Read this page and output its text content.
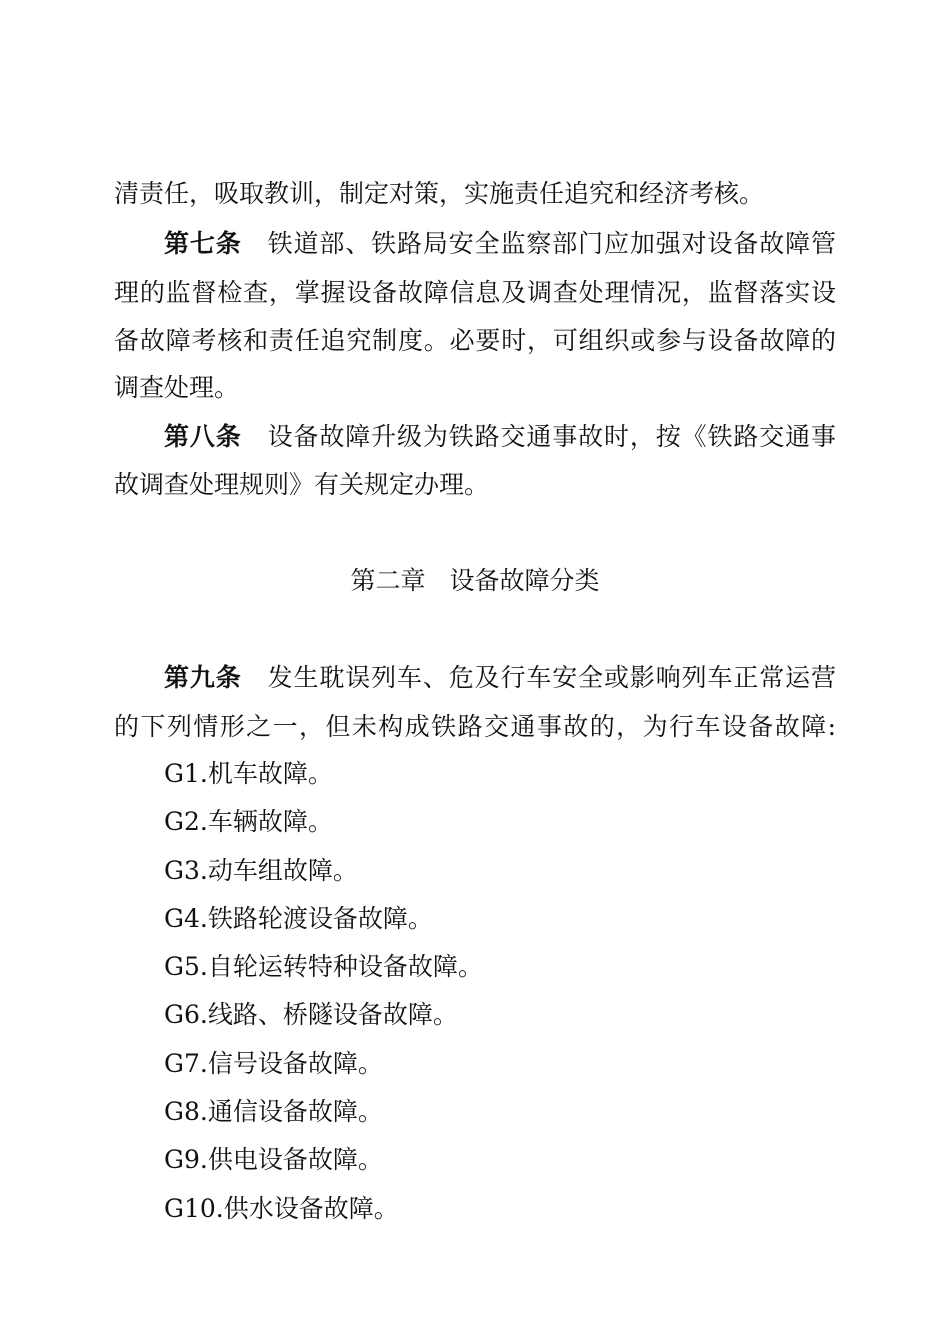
清责任，吸取教训，制定对策，实施责任追究和经济考核。
第七条 铁道部、铁路局安全监察部门应加强对设备故障管
理的监督检查，掌握设备故障信息及调查处理情况，监督落实设
备故障考核和责任追究制度。必要时，可组织或参与设备故障的
调查处理。
第八条 设备故障升级为铁路交通事故时，按《铁路交通事
故调查处理规则》有关规定办理。
第二章 设备故障分类
第九条 发生耽误列车、危及行车安全或影响列车正常运营
的下列情形之一，但未构成铁路交通事故的，为行车设备故障:
G1.机车故障。
G2.车辆故障。
G3.动车组故障。
G4.铁路轮渡设备故障。
G5.自轮运转特种设备故障。
G6.线路、桥隧设备故障。
G7.信号设备故障。
G8.通信设备故障。
G9.供电设备故障。
G10.供水设备故障。
